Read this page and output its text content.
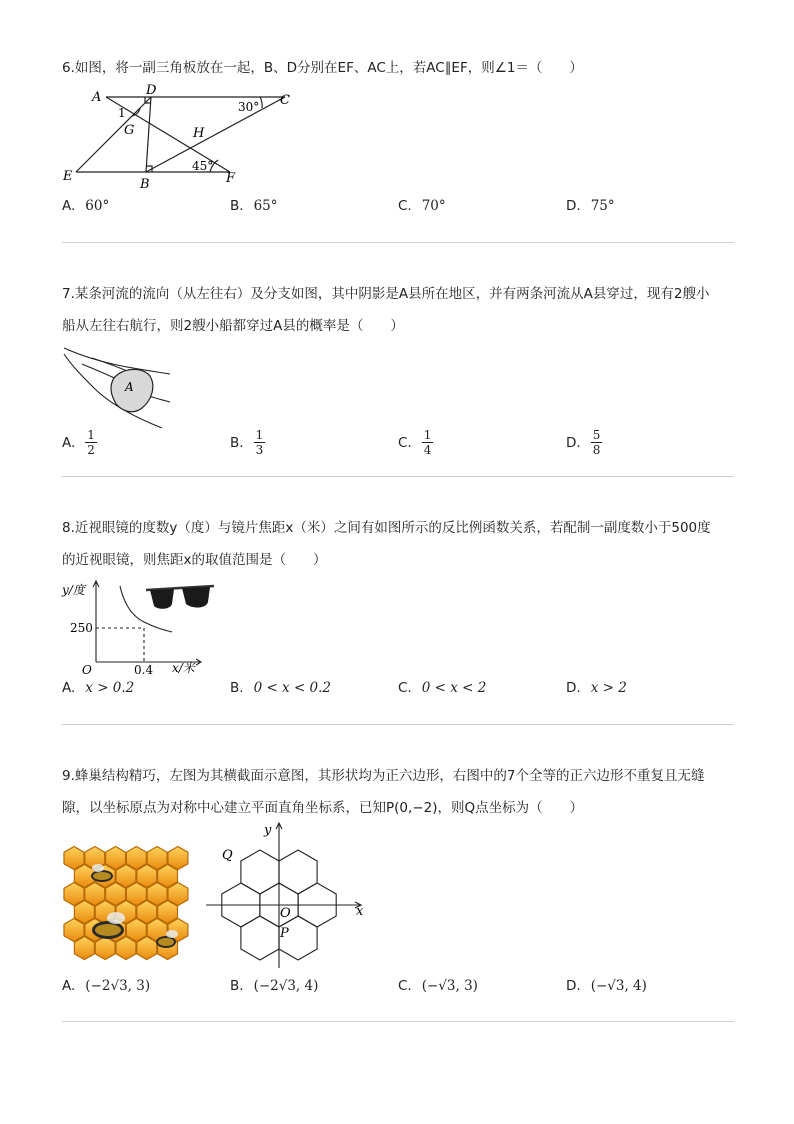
6.如图，将一副三角板放在一起，B、D分别在EF、AC上，若AC∥EF，则∠1＝（　　）

A	D
C
1
G	H
30°
45°
E
B	F
A. 60°	B. 65°	C. 70°	D. 75°

7.某条河流的流向（从左往右）及分支如图，其中阴影是A县所在地区，并有两条河流从A县穿过，现有2艘小

船从左往右航行，则2艘小船都穿过A县的概率是（　　）

A
A. $\frac{1}{2}$	B. $\frac{1}{3}$	C. $\frac{1}{4}$	D. $\frac{5}{8}$

8.近视眼镜的度数y（度）与镜片焦距x（米）之间有如图所示的反比例函数关系，若配制一副度数小于500度

的近视眼镜，则焦距x的取值范围是（　　）

y/度
x/米
O
250
0.4
A. x > 0.2	B. 0 < x < 0.2	C. 0 < x < 2	D. x > 2

9.蜂巢结构精巧，左图为其横截面示意图，其形状均为正六边形，右图中的7个全等的正六边形不重复且无缝

隙，以坐标原点为对称中心建立平面直角坐标系，已知P(0,−2)，则Q点坐标为（　　）

Q
O
P
y
x
A. (−2√3, 3)	B. (−2√3, 4)	C. (−√3, 3)	D. (−√3, 4)
